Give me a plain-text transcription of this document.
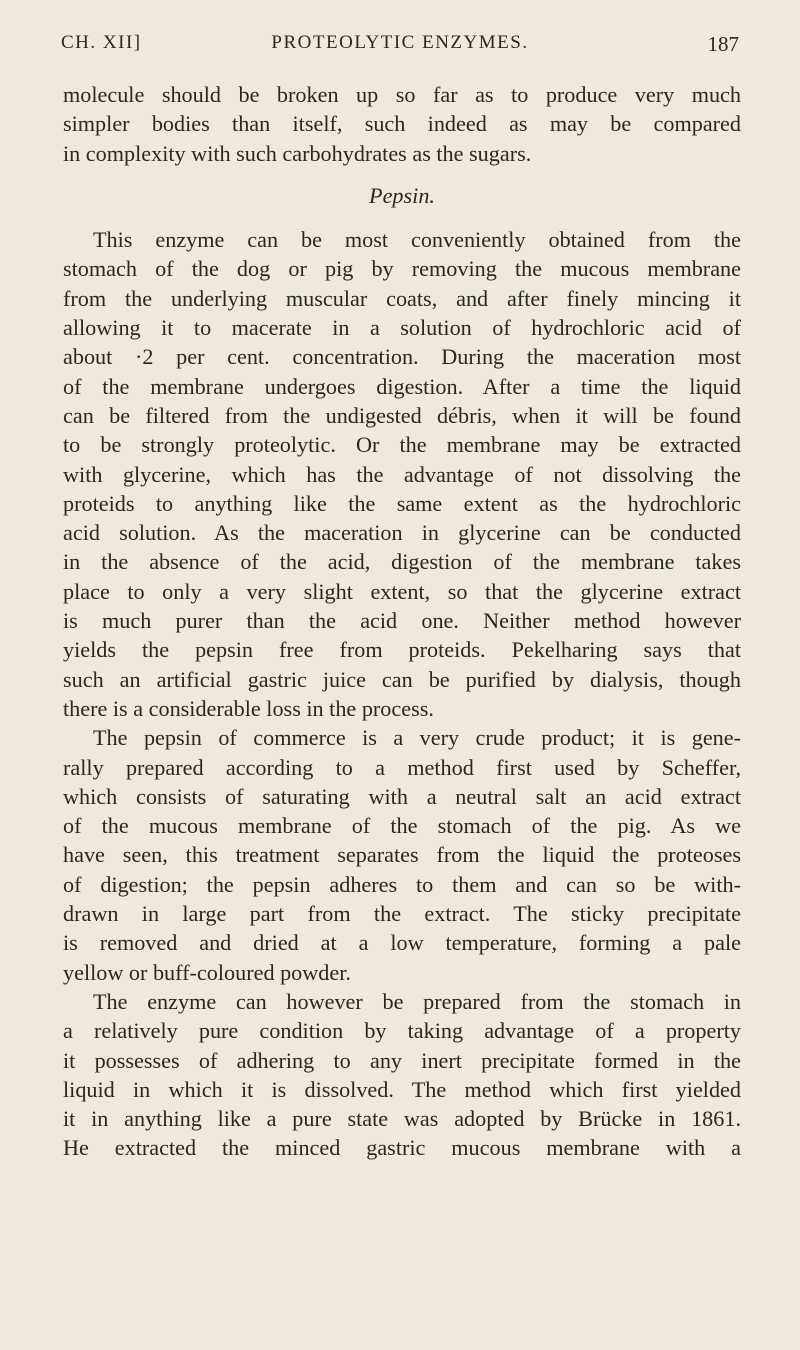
CH. XII]	PROTEOLYTIC ENZYMES.	187
molecule should be broken up so far as to produce very much
simpler bodies than itself, such indeed as may be compared
in complexity with such carbohydrates as the sugars.
Pepsin.
This enzyme can be most conveniently obtained from the
stomach of the dog or pig by removing the mucous membrane
from the underlying muscular coats, and after finely mincing it
allowing it to macerate in a solution of hydrochloric acid of
about ·2 per cent. concentration. During the maceration most
of the membrane undergoes digestion. After a time the liquid
can be filtered from the undigested débris, when it will be found
to be strongly proteolytic. Or the membrane may be extracted
with glycerine, which has the advantage of not dissolving the
proteids to anything like the same extent as the hydrochloric
acid solution. As the maceration in glycerine can be conducted
in the absence of the acid, digestion of the membrane takes
place to only a very slight extent, so that the glycerine extract
is much purer than the acid one. Neither method however
yields the pepsin free from proteids. Pekelharing says that
such an artificial gastric juice can be purified by dialysis, though
there is a considerable loss in the process.
The pepsin of commerce is a very crude product; it is gene-
rally prepared according to a method first used by Scheffer,
which consists of saturating with a neutral salt an acid extract
of the mucous membrane of the stomach of the pig. As we
have seen, this treatment separates from the liquid the proteoses
of digestion; the pepsin adheres to them and can so be with-
drawn in large part from the extract. The sticky precipitate
is removed and dried at a low temperature, forming a pale
yellow or buff-coloured powder.
The enzyme can however be prepared from the stomach in
a relatively pure condition by taking advantage of a property
it possesses of adhering to any inert precipitate formed in the
liquid in which it is dissolved. The method which first yielded
it in anything like a pure state was adopted by Brücke in 1861.
He extracted the minced gastric mucous membrane with a
